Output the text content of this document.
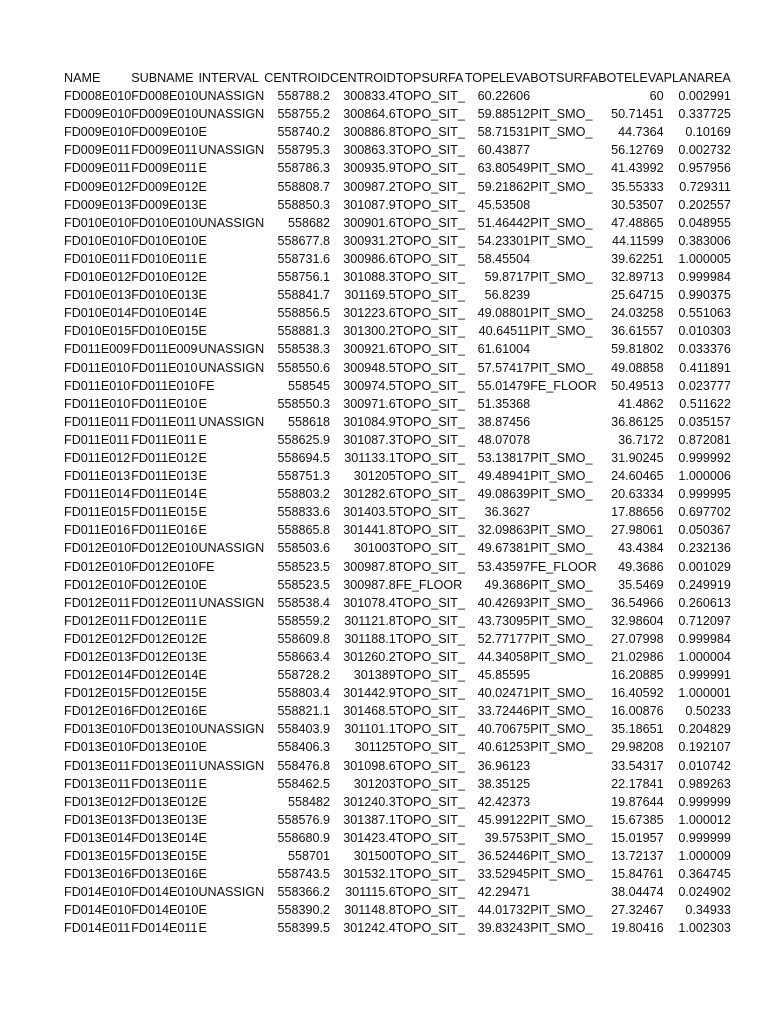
NAME	SUBNAME	INTERVAL	CENTROID	CENTROID	TOPSURFA	TOPELEVA	BOTSURFA	BOTELEVA	PLANAREA
FD008E010	FD008E010	UNASSIGN	558788.2	300833.4	TOPO_SIT_	60.22606		60	0.002991
FD009E010	FD009E010	UNASSIGN	558755.2	300864.6	TOPO_SIT_	59.88512	PIT_SMO_	50.71451	0.337725
FD009E010	FD009E010	E	558740.2	300886.8	TOPO_SIT_	58.71531	PIT_SMO_	44.7364	0.10169
FD009E011	FD009E011	UNASSIGN	558795.3	300863.3	TOPO_SIT_	60.43877		56.12769	0.002732
FD009E011	FD009E011	E	558786.3	300935.9	TOPO_SIT_	63.80549	PIT_SMO_	41.43992	0.957956
FD009E012	FD009E012	E	558808.7	300987.2	TOPO_SIT_	59.21862	PIT_SMO_	35.55333	0.729311
FD009E013	FD009E013	E	558850.3	301087.9	TOPO_SIT_	45.53508		30.53507	0.202557
FD010E010	FD010E010	UNASSIGN	558682	300901.6	TOPO_SIT_	51.46442	PIT_SMO_	47.48865	0.048955
FD010E010	FD010E010	E	558677.8	300931.2	TOPO_SIT_	54.23301	PIT_SMO_	44.11599	0.383006
FD010E011	FD010E011	E	558731.6	300986.6	TOPO_SIT_	58.45504		39.62251	1.000005
FD010E012	FD010E012	E	558756.1	301088.3	TOPO_SIT_	59.8717	PIT_SMO_	32.89713	0.999984
FD010E013	FD010E013	E	558841.7	301169.5	TOPO_SIT_	56.8239		25.64715	0.990375
FD010E014	FD010E014	E	558856.5	301223.6	TOPO_SIT_	49.08801	PIT_SMO_	24.03258	0.551063
FD010E015	FD010E015	E	558881.3	301300.2	TOPO_SIT_	40.64511	PIT_SMO_	36.61557	0.010303
FD011E009	FD011E009	UNASSIGN	558538.3	300921.6	TOPO_SIT_	61.61004		59.81802	0.033376
FD011E010	FD011E010	UNASSIGN	558550.6	300948.5	TOPO_SIT_	57.57417	PIT_SMO_	49.08858	0.411891
FD011E010	FD011E010	FE	558545	300974.5	TOPO_SIT_	55.01479	FE_FLOOR	50.49513	0.023777
FD011E010	FD011E010	E	558550.3	300971.6	TOPO_SIT_	51.35368		41.4862	0.511622
FD011E011	FD011E011	UNASSIGN	558618	301084.9	TOPO_SIT_	38.87456		36.86125	0.035157
FD011E011	FD011E011	E	558625.9	301087.3	TOPO_SIT_	48.07078		36.7172	0.872081
FD011E012	FD011E012	E	558694.5	301133.1	TOPO_SIT_	53.13817	PIT_SMO_	31.90245	0.999992
FD011E013	FD011E013	E	558751.3	301205	TOPO_SIT_	49.48941	PIT_SMO_	24.60465	1.000006
FD011E014	FD011E014	E	558803.2	301282.6	TOPO_SIT_	49.08639	PIT_SMO_	20.63334	0.999995
FD011E015	FD011E015	E	558833.6	301403.5	TOPO_SIT_	36.3627		17.88656	0.697702
FD011E016	FD011E016	E	558865.8	301441.8	TOPO_SIT_	32.09863	PIT_SMO_	27.98061	0.050367
FD012E010	FD012E010	UNASSIGN	558503.6	301003	TOPO_SIT_	49.67381	PIT_SMO_	43.4384	0.232136
FD012E010	FD012E010	FE	558523.5	300987.8	TOPO_SIT_	53.43597	FE_FLOOR	49.3686	0.001029
FD012E010	FD012E010	E	558523.5	300987.8	FE_FLOOR	49.3686	PIT_SMO_	35.5469	0.249919
FD012E011	FD012E011	UNASSIGN	558538.4	301078.4	TOPO_SIT_	40.42693	PIT_SMO_	36.54966	0.260613
FD012E011	FD012E011	E	558559.2	301121.8	TOPO_SIT_	43.73095	PIT_SMO_	32.98604	0.712097
FD012E012	FD012E012	E	558609.8	301188.1	TOPO_SIT_	52.77177	PIT_SMO_	27.07998	0.999984
FD012E013	FD012E013	E	558663.4	301260.2	TOPO_SIT_	44.34058	PIT_SMO_	21.02986	1.000004
FD012E014	FD012E014	E	558728.2	301389	TOPO_SIT_	45.85595		16.20885	0.999991
FD012E015	FD012E015	E	558803.4	301442.9	TOPO_SIT_	40.02471	PIT_SMO_	16.40592	1.000001
FD012E016	FD012E016	E	558821.1	301468.5	TOPO_SIT_	33.72446	PIT_SMO_	16.00876	0.50233
FD013E010	FD013E010	UNASSIGN	558403.9	301101.1	TOPO_SIT_	40.70675	PIT_SMO_	35.18651	0.204829
FD013E010	FD013E010	E	558406.3	301125	TOPO_SIT_	40.61253	PIT_SMO_	29.98208	0.192107
FD013E011	FD013E011	UNASSIGN	558476.8	301098.6	TOPO_SIT_	36.96123		33.54317	0.010742
FD013E011	FD013E011	E	558462.5	301203	TOPO_SIT_	38.35125		22.17841	0.989263
FD013E012	FD013E012	E	558482	301240.3	TOPO_SIT_	42.42373		19.87644	0.999999
FD013E013	FD013E013	E	558576.9	301387.1	TOPO_SIT_	45.99122	PIT_SMO_	15.67385	1.000012
FD013E014	FD013E014	E	558680.9	301423.4	TOPO_SIT_	39.5753	PIT_SMO_	15.01957	0.999999
FD013E015	FD013E015	E	558701	301500	TOPO_SIT_	36.52446	PIT_SMO_	13.72137	1.000009
FD013E016	FD013E016	E	558743.5	301532.1	TOPO_SIT_	33.52945	PIT_SMO_	15.84761	0.364745
FD014E010	FD014E010	UNASSIGN	558366.2	301115.6	TOPO_SIT_	42.29471		38.04474	0.024902
FD014E010	FD014E010	E	558390.2	301148.8	TOPO_SIT_	44.01732	PIT_SMO_	27.32467	0.34933
FD014E011	FD014E011	E	558399.5	301242.4	TOPO_SIT_	39.83243	PIT_SMO_	19.80416	1.002303
